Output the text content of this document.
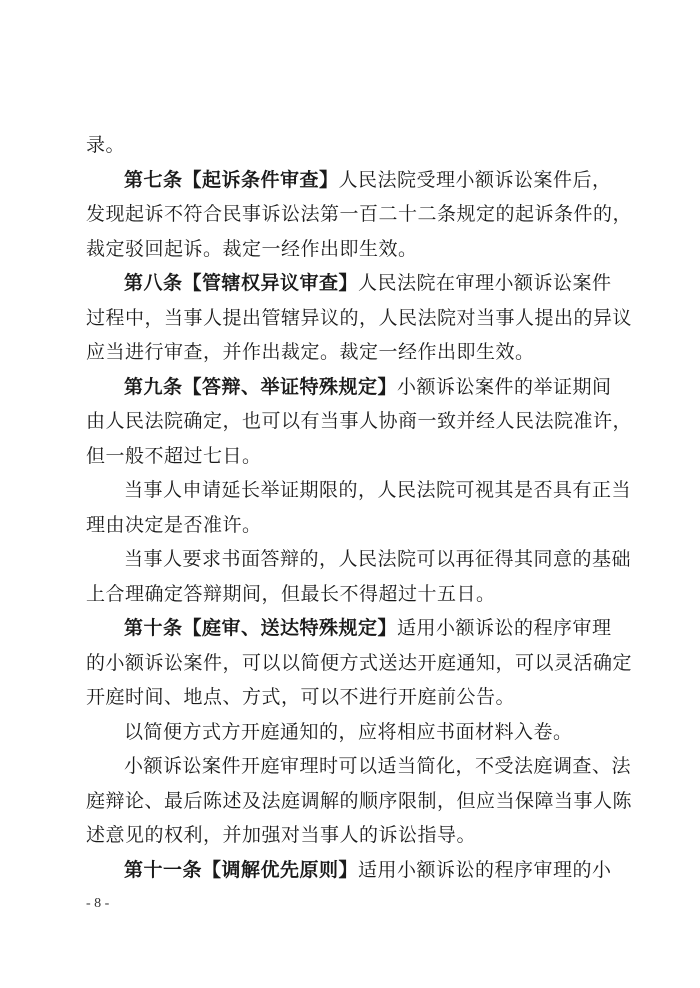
录。
第七条【起诉条件审查】人民法院受理小额诉讼案件后，
发现起诉不符合民事诉讼法第一百二十二条规定的起诉条件的，
裁定驳回起诉。裁定一经作出即生效。
第八条【管辖权异议审查】人民法院在审理小额诉讼案件
过程中，当事人提出管辖异议的，人民法院对当事人提出的异议
应当进行审查，并作出裁定。裁定一经作出即生效。
第九条【答辩、举证特殊规定】小额诉讼案件的举证期间
由人民法院确定，也可以有当事人协商一致并经人民法院准许，
但一般不超过七日。
当事人申请延长举证期限的，人民法院可视其是否具有正当
理由决定是否准许。
当事人要求书面答辩的，人民法院可以再征得其同意的基础
上合理确定答辩期间，但最长不得超过十五日。
第十条【庭审、送达特殊规定】适用小额诉讼的程序审理
的小额诉讼案件，可以以简便方式送达开庭通知，可以灵活确定
开庭时间、地点、方式，可以不进行开庭前公告。
以简便方式方开庭通知的，应将相应书面材料入卷。
小额诉讼案件开庭审理时可以适当简化，不受法庭调查、法
庭辩论、最后陈述及法庭调解的顺序限制，但应当保障当事人陈
述意见的权利，并加强对当事人的诉讼指导。
第十一条【调解优先原则】适用小额诉讼的程序审理的小
- 8 -
